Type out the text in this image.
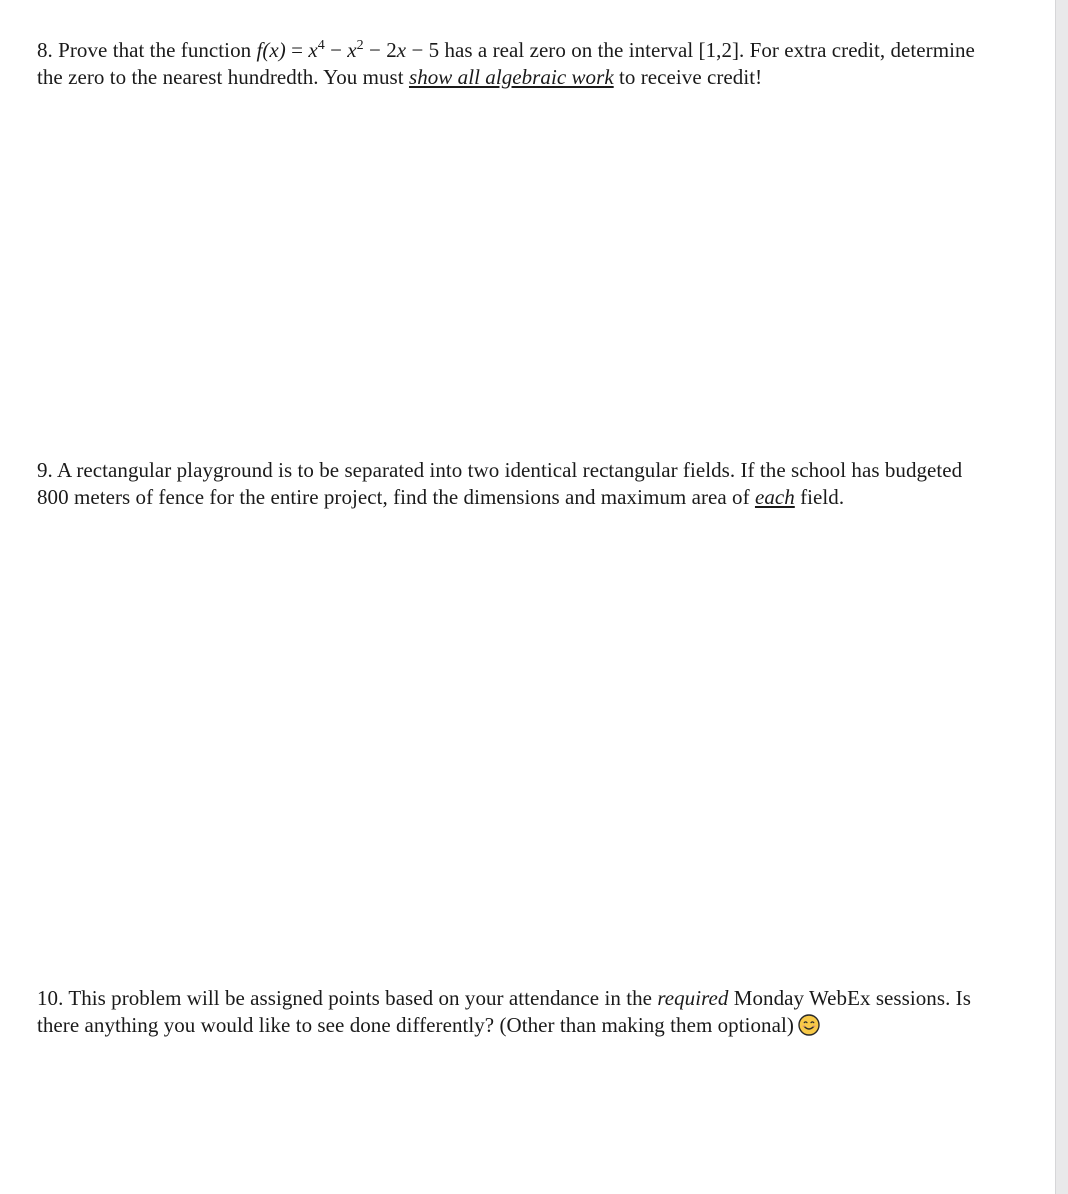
8. Prove that the function $f(x) = x^4 - x^2 - 2x - 5$ has a real zero on the interval [1,2]. For extra credit, determine the zero to the nearest hundredth. You must show all algebraic work to receive credit!

9. A rectangular playground is to be separated into two identical rectangular fields. If the school has budgeted 800 meters of fence for the entire project, find the dimensions and maximum area of each field.

10. This problem will be assigned points based on your attendance in the required Monday WebEx sessions. Is there anything you would like to see done differently? (Other than making them optional)
